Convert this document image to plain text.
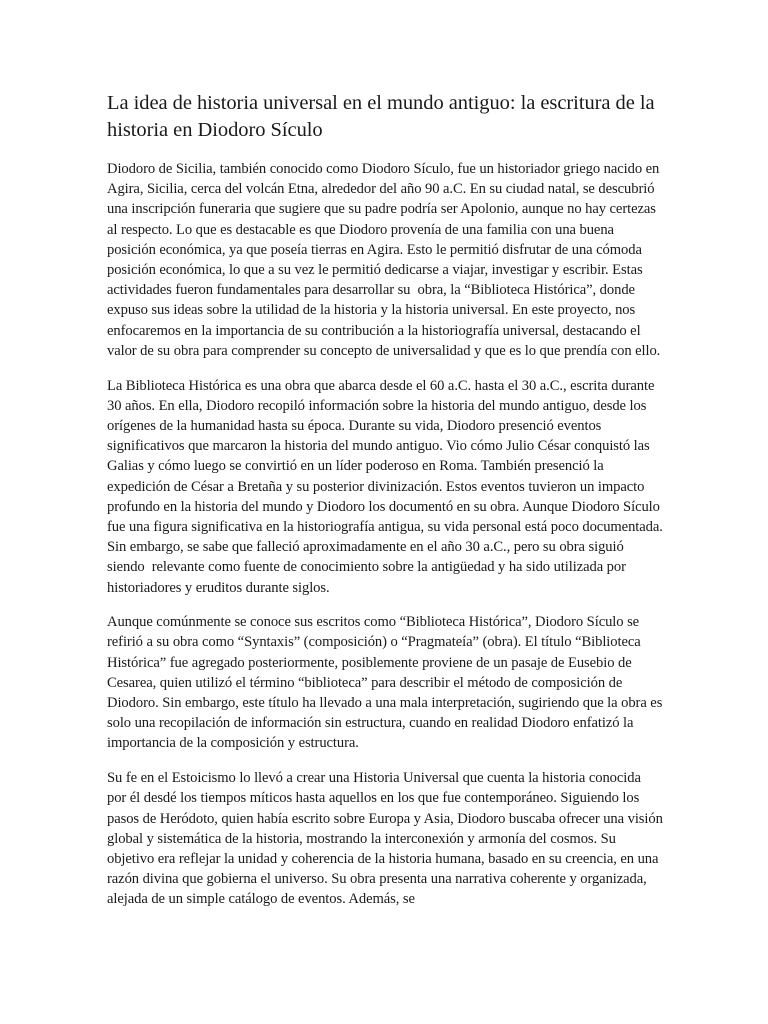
La idea de historia universal en el mundo antiguo: la escritura de la historia en Diodoro Sículo

Diodoro de Sicilia, también conocido como Diodoro Sículo, fue un historiador griego nacido en Agira, Sicilia, cerca del volcán Etna, alrededor del año 90 a.C. En su ciudad natal, se descubrió una inscripción funeraria que sugiere que su padre podría ser Apolonio, aunque no hay certezas al respecto. Lo que es destacable es que Diodoro provenía de una familia con una buena posición económica, ya que poseía tierras en Agira. Esto le permitió disfrutar de una cómoda posición económica, lo que a su vez le permitió dedicarse a viajar, investigar y escribir. Estas actividades fueron fundamentales para desarrollar su  obra, la “Biblioteca Histórica”, donde expuso sus ideas sobre la utilidad de la historia y la historia universal. En este proyecto, nos enfocaremos en la importancia de su contribución a la historiografía universal, destacando el valor de su obra para comprender su concepto de universalidad y que es lo que prendía con ello.

La Biblioteca Histórica es una obra que abarca desde el 60 a.C. hasta el 30 a.C., escrita durante 30 años. En ella, Diodoro recopiló información sobre la historia del mundo antiguo, desde los orígenes de la humanidad hasta su época. Durante su vida, Diodoro presenció eventos significativos que marcaron la historia del mundo antiguo. Vio cómo Julio César conquistó las Galias y cómo luego se convirtió en un líder poderoso en Roma. También presenció la expedición de César a Bretaña y su posterior divinización. Estos eventos tuvieron un impacto profundo en la historia del mundo y Diodoro los documentó en su obra. Aunque Diodoro Sículo fue una figura significativa en la historiografía antigua, su vida personal está poco documentada. Sin embargo, se sabe que falleció aproximadamente en el año 30 a.C., pero su obra siguió siendo  relevante como fuente de conocimiento sobre la antigüedad y ha sido utilizada por historiadores y eruditos durante siglos.

Aunque comúnmente se conoce sus escritos como “Biblioteca Histórica”, Diodoro Sículo se refirió a su obra como “Syntaxis” (composición) o “Pragmateía” (obra). El título “Biblioteca Histórica” fue agregado posteriormente, posiblemente proviene de un pasaje de Eusebio de Cesarea, quien utilizó el término “biblioteca” para describir el método de composición de Diodoro. Sin embargo, este título ha llevado a una mala interpretación, sugiriendo que la obra es solo una recopilación de información sin estructura, cuando en realidad Diodoro enfatizó la importancia de la composición y estructura.

Su fe en el Estoicismo lo llevó a crear una Historia Universal que cuenta la historia conocida por él desdé los tiempos míticos hasta aquellos en los que fue contemporáneo. Siguiendo los pasos de Heródoto, quien había escrito sobre Europa y Asia, Diodoro buscaba ofrecer una visión global y sistemática de la historia, mostrando la interconexión y armonía del cosmos. Su objetivo era reflejar la unidad y coherencia de la historia humana, basado en su creencia, en una razón divina que gobierna el universo. Su obra presenta una narrativa coherente y organizada, alejada de un simple catálogo de eventos. Además, se
